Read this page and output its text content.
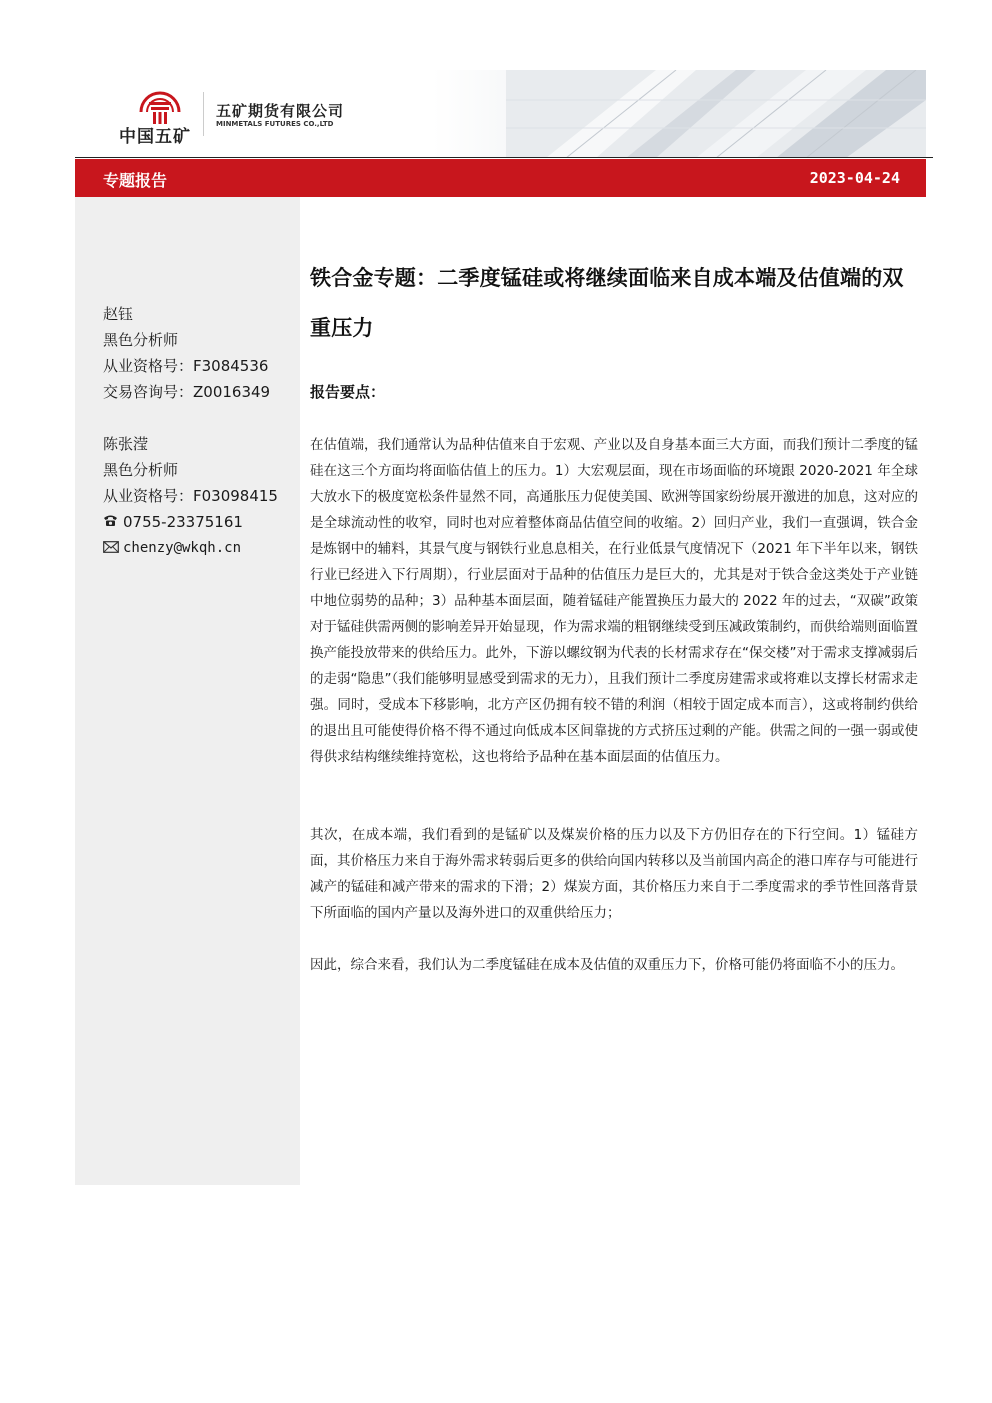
中国五矿
五矿期货有限公司
MINMETALS FUTURES CO.,LTD
专题报告	2023-04-24
赵钰
黑色分析师
从业资格号：F3084536
交易咨询号：Z0016349
陈张滢
黑色分析师
从业资格号：F03098415
0755-23375161
chenzy@wkqh.cn
铁合金专题：二季度锰硅或将继续面临来自成本端及估值端的双重压力
报告要点：

在估值端，我们通常认为品种估值来自于宏观、产业以及自身基本面三大方面，而我们预计二季度的锰硅在这三个方面均将面临估值上的压力。1）大宏观层面，现在市场面临的环境跟 2020-2021 年全球大放水下的极度宽松条件显然不同，高通胀压力促使美国、欧洲等国家纷纷展开激进的加息，这对应的是全球流动性的收窄，同时也对应着整体商品估值空间的收缩。2）回归产业，我们一直强调，铁合金是炼钢中的辅料，其景气度与钢铁行业息息相关，在行业低景气度情况下（2021 年下半年以来，钢铁行业已经进入下行周期），行业层面对于品种的估值压力是巨大的，尤其是对于铁合金这类处于产业链中地位弱势的品种；3）品种基本面层面，随着锰硅产能置换压力最大的 2022 年的过去，“双碳”政策对于锰硅供需两侧的影响差异开始显现，作为需求端的粗钢继续受到压减政策制约，而供给端则面临置换产能投放带来的供给压力。此外，下游以螺纹钢为代表的长材需求存在“保交楼”对于需求支撑减弱后的走弱“隐患”（我们能够明显感受到需求的无力），且我们预计二季度房建需求或将难以支撑长材需求走强。同时，受成本下移影响，北方产区仍拥有较不错的利润（相较于固定成本而言），这或将制约供给的退出且可能使得价格不得不通过向低成本区间靠拢的方式挤压过剩的产能。供需之间的一强一弱或使得供求结构继续维持宽松，这也将给予品种在基本面层面的估值压力。

其次，在成本端，我们看到的是锰矿以及煤炭价格的压力以及下方仍旧存在的下行空间。1）锰硅方面，其价格压力来自于海外需求转弱后更多的供给向国内转移以及当前国内高企的港口库存与可能进行减产的锰硅和减产带来的需求的下滑；2）煤炭方面，其价格压力来自于二季度需求的季节性回落背景下所面临的国内产量以及海外进口的双重供给压力；

因此，综合来看，我们认为二季度锰硅在成本及估值的双重压力下，价格可能仍将面临不小的压力。
